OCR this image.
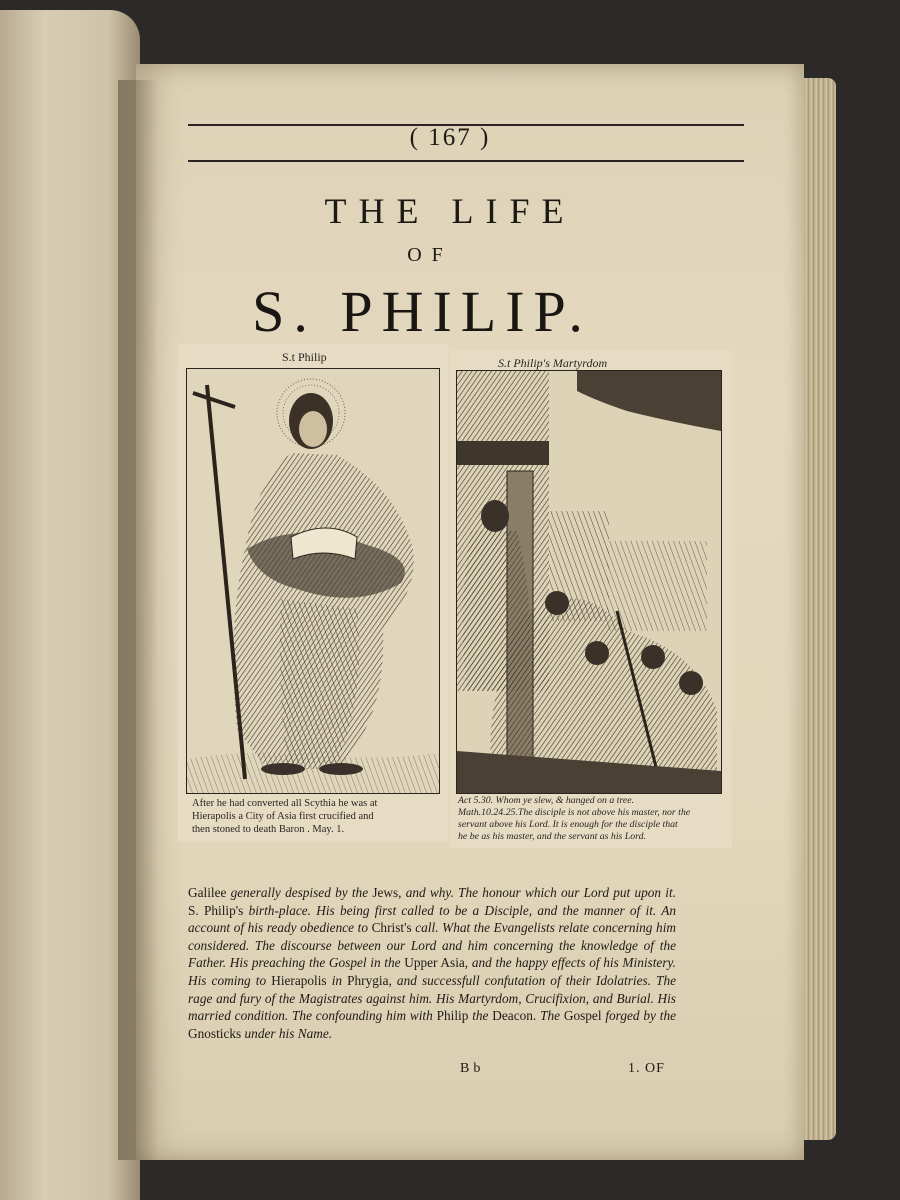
( 167 )
THE LIFE
OF
S. PHILIP.
S.t Philip
After he had converted all Scythia he was at
Hierapolis a City of Asia first crucified and
then stoned to death Baron . May. 1.
S.t Philip's Martyrdom
Act 5.30. Whom ye slew, & hanged on a tree.
Math.10.24.25.The disciple is not above his master, nor the
servant above his Lord. It is enough for the disciple that
he be as his master, and the servant as his Lord.
Galilee generally despised by the Jews, and why. The honour which our Lord put upon it. S. Philip's birth-place. His being first called to be a Disciple, and the manner of it. An account of his ready obedience to Christ's call. What the Evangelists relate concerning him considered. The discourse between our Lord and him concerning the knowledge of the Father. His preaching the Gospel in the Upper Asia, and the happy effects of his Ministery. His coming to Hierapolis in Phrygia, and successfull confutation of their Idolatries. The rage and fury of the Magistrates against him. His Martyrdom, Crucifixion, and Burial. His married condition. The confounding him with Philip the Deacon. The Gospel forged by the Gnosticks under his Name.
Bb	1. OF
